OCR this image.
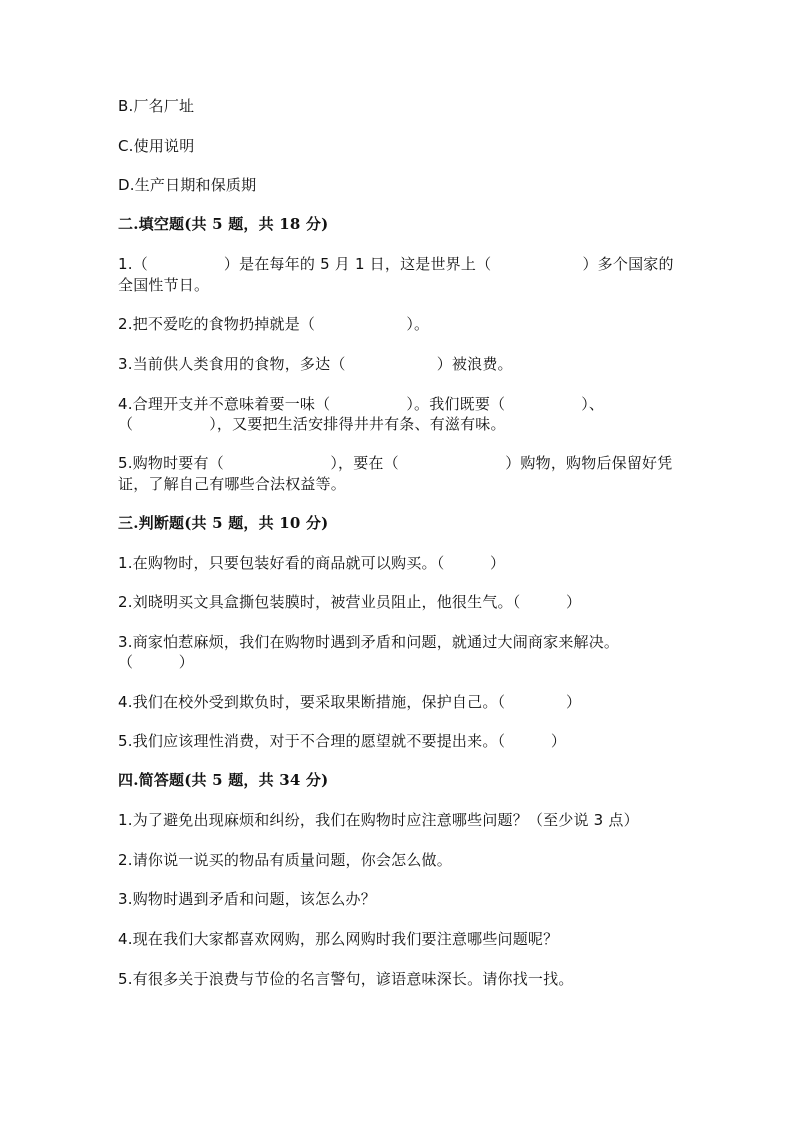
B.厂名厂址
C.使用说明
D.生产日期和保质期
二.填空题(共 5 题，共 18 分)
1.（　　　　　）是在每年的 5 月 1 日，这是世界上（　　　　　　）多个国家的
全国性节日。
2.把不爱吃的食物扔掉就是（　　　　　　）。
3.当前供人类食用的食物，多达（　　　　　　）被浪费。
4.合理开支并不意味着要一味（　　　　　）。我们既要（　　　　　）、
（　　　　　），又要把生活安排得井井有条、有滋有味。
5.购物时要有（　　　　　　　），要在（　　　　　　　）购物，购物后保留好凭
证，了解自己有哪些合法权益等。
三.判断题(共 5 题，共 10 分)
1.在购物时，只要包装好看的商品就可以购买。（　　　）
2.刘晓明买文具盒撕包装膜时，被营业员阻止，他很生气。（　　　）
3.商家怕惹麻烦，我们在购物时遇到矛盾和问题，就通过大闹商家来解决。
（　　　）
4.我们在校外受到欺负时，要采取果断措施，保护自己。（　　　　）
5.我们应该理性消费，对于不合理的愿望就不要提出来。（　　　）
四.简答题(共 5 题，共 34 分)
1.为了避免出现麻烦和纠纷，我们在购物时应注意哪些问题？（至少说 3 点）
2.请你说一说买的物品有质量问题，你会怎么做。
3.购物时遇到矛盾和问题，该怎么办？
4.现在我们大家都喜欢网购，那么网购时我们要注意哪些问题呢？
5.有很多关于浪费与节俭的名言警句，谚语意味深长。请你找一找。
